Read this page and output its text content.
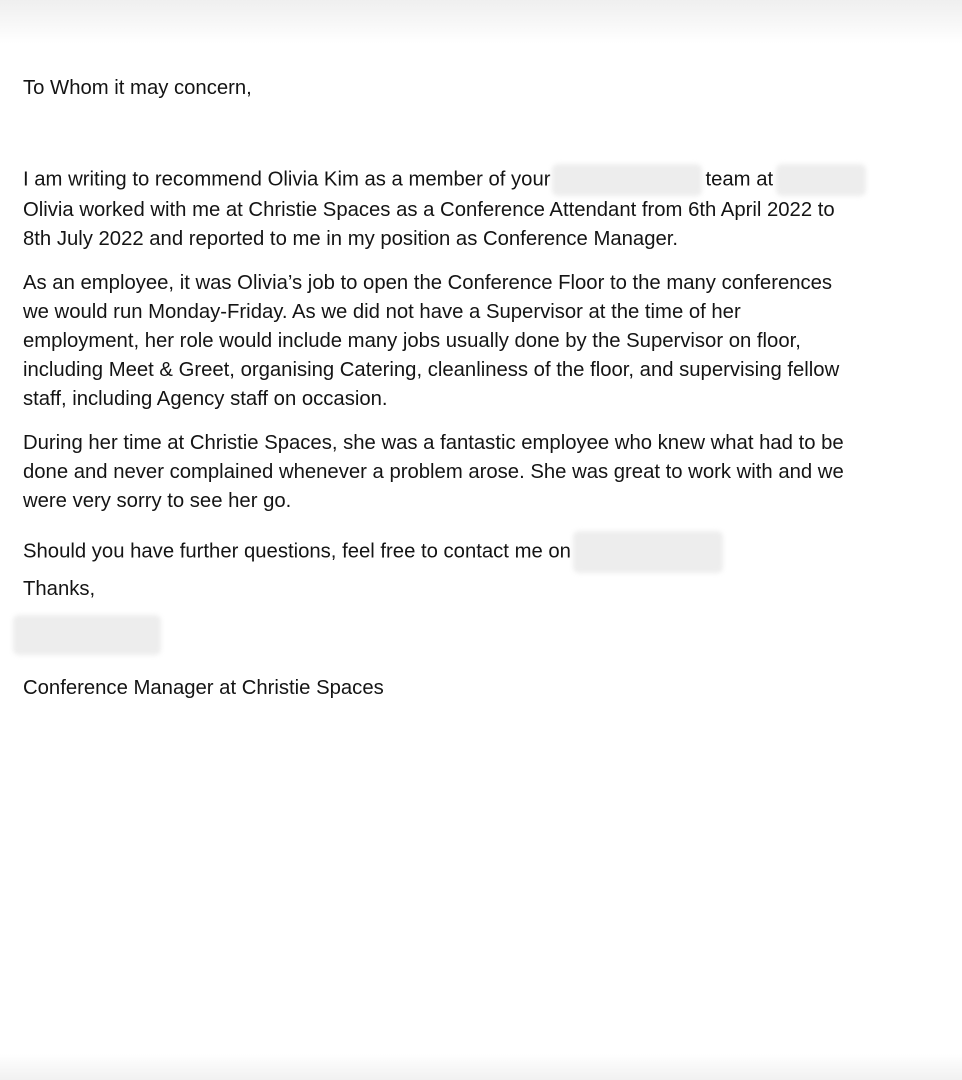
To Whom it may concern,
I am writing to recommend Olivia Kim as a member of your	team at
Olivia worked with me at Christie Spaces as a Conference Attendant from 6th April 2022 to
8th July 2022 and reported to me in my position as Conference Manager.
As an employee, it was Olivia’s job to open the Conference Floor to the many conferences
we would run Monday-Friday. As we did not have a Supervisor at the time of her
employment, her role would include many jobs usually done by the Supervisor on floor,
including Meet & Greet, organising Catering, cleanliness of the floor, and supervising fellow
staff, including Agency staff on occasion.
During her time at Christie Spaces, she was a fantastic employee who knew what had to be
done and never complained whenever a problem arose. She was great to work with and we
were very sorry to see her go.
Should you have further questions, feel free to contact me on
Thanks,
Conference Manager at Christie Spaces
